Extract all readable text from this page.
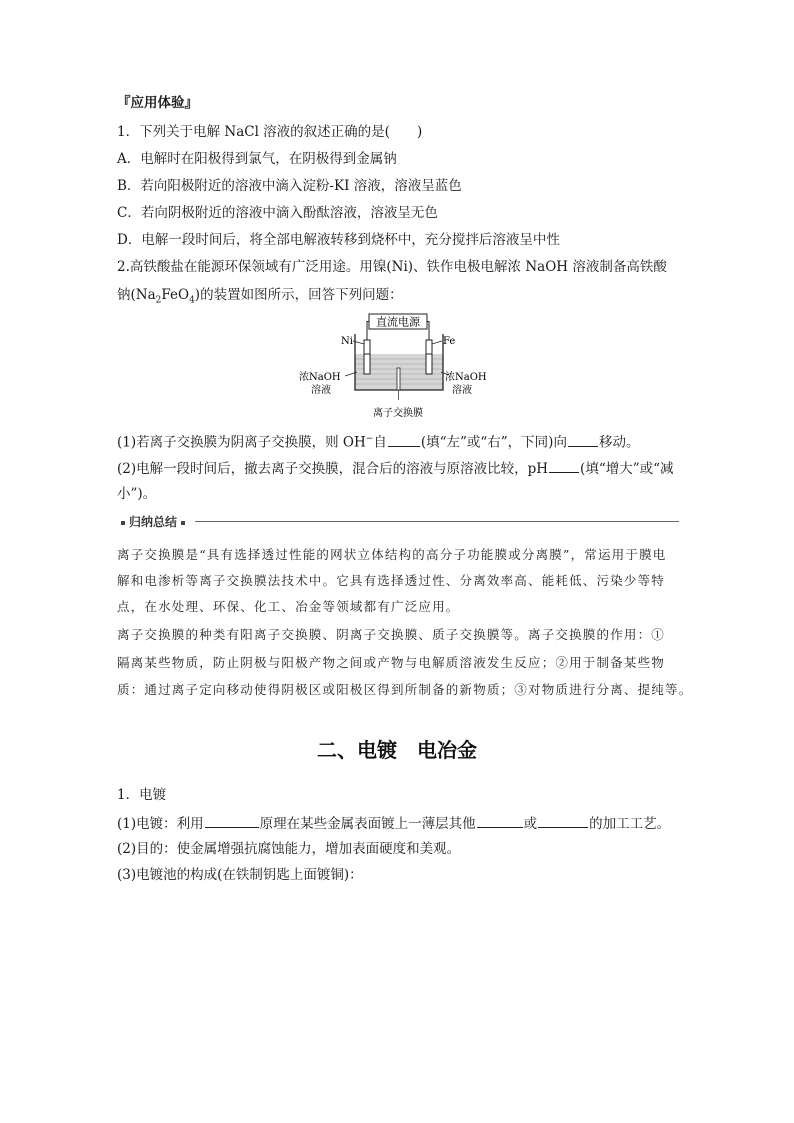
『应用体验』
1．下列关于电解 NaCl 溶液的叙述正确的是(　　)
A．电解时在阳极得到氯气，在阴极得到金属钠
B．若向阳极附近的溶液中滴入淀粉-KI 溶液，溶液呈蓝色
C．若向阴极附近的溶液中滴入酚酞溶液，溶液呈无色
D．电解一段时间后，将全部电解液转移到烧杯中，充分搅拌后溶液呈中性
2.高铁酸盐在能源环保领域有广泛用途。用镍(Ni)、铁作电极电解浓 NaOH 溶液制备高铁酸
钠$(Na_2FeO_4)$的装置如图所示，回答下列问题：
直流电源
Ni	Fe
浓NaOH
溶液
浓NaOH
溶液
离子交换膜
(1)若离子交换膜为阴离子交换膜，则 OH−自	(填“左”或“右”，下同)向 移动。
(2)电解一段时间后，撤去离子交换膜，混合后的溶液与原溶液比较，pH (填“增大”或“减
小”)。
归纳总结
离子交换膜是“具有选择透过性能的网状立体结构的高分子功能膜或分离膜”，常运用于膜电
解和电渗析等离子交换膜法技术中。它具有选择透过性、分离效率高、能耗低、污染少等特
点，在水处理、环保、化工、冶金等领域都有广泛应用。
离子交换膜的种类有阳离子交换膜、阴离子交换膜、质子交换膜等。离子交换膜的作用：①
隔离某些物质，防止阴极与阳极产物之间或产物与电解质溶液发生反应；②用于制备某些物
质：通过离子定向移动使得阴极区或阳极区得到所制备的新物质；③对物质进行分离、提纯等。
二、电镀　电冶金
1．电镀
(1)电镀：利用	原理在某些金属表面镀上一薄层其他	或	的加工工艺。
(2)目的：使金属增强抗腐蚀能力，增加表面硬度和美观。
(3)电镀池的构成(在铁制钥匙上面镀铜)：
